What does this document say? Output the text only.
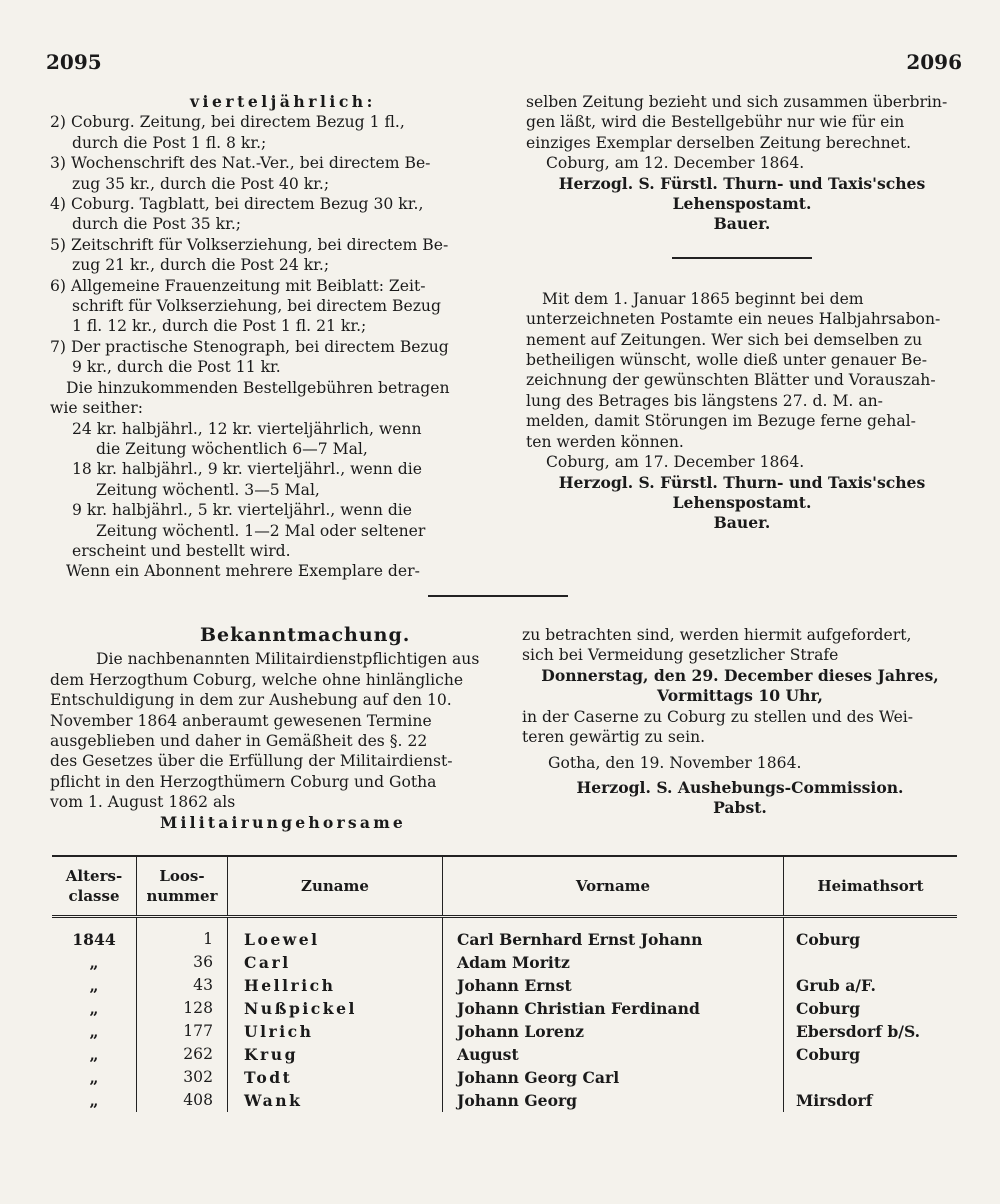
2095	2096
vierteljährlich:
2) Coburg. Zeitung, bei directem Bezug 1 fl.,
durch die Post 1 fl. 8 kr.;
3) Wochenschrift des Nat.-Ver., bei directem Be-
zug 35 kr., durch die Post 40 kr.;
4) Coburg. Tagblatt, bei directem Bezug 30 kr.,
durch die Post 35 kr.;
5) Zeitschrift für Volkserziehung, bei directem Be-
zug 21 kr., durch die Post 24 kr.;
6) Allgemeine Frauenzeitung mit Beiblatt: Zeit-
schrift für Volkserziehung, bei directem Bezug
1 fl. 12 kr., durch die Post 1 fl. 21 kr.;
7) Der practische Stenograph, bei directem Bezug
9 kr., durch die Post 11 kr.
Die hinzukommenden Bestellgebühren betragen
wie seither:
24 kr. halbjährl., 12 kr. vierteljährlich, wenn
die Zeitung wöchentlich 6—7 Mal,
18 kr. halbjährl., 9 kr. vierteljährl., wenn die
Zeitung wöchentl. 3—5 Mal,
9 kr. halbjährl., 5 kr. vierteljährl., wenn die
Zeitung wöchentl. 1—2 Mal oder seltener
erscheint und bestellt wird.
Wenn ein Abonnent mehrere Exemplare der-
selben Zeitung bezieht und sich zusammen überbrin-
gen läßt, wird die Bestellgebühr nur wie für ein
einziges Exemplar derselben Zeitung berechnet.
Coburg, am 12. December 1864.
Herzogl. S. Fürstl. Thurn- und Taxis'sches
Lehenspostamt.
Bauer.
Mit dem 1. Januar 1865 beginnt bei dem
unterzeichneten Postamte ein neues Halbjahrsabon-
nement auf Zeitungen. Wer sich bei demselben zu
betheiligen wünscht, wolle dieß unter genauer Be-
zeichnung der gewünschten Blätter und Vorauszah-
lung des Betrages bis längstens 27. d. M. an-
melden, damit Störungen im Bezuge ferne gehal-
ten werden können.
Coburg, am 17. December 1864.
Herzogl. S. Fürstl. Thurn- und Taxis'sches
Lehenspostamt.
Bauer.
Bekanntmachung.
Die nachbenannten Militairdienstpflichtigen aus
dem Herzogthum Coburg, welche ohne hinlängliche
Entschuldigung in dem zur Aushebung auf den 10.
November 1864 anberaumt gewesenen Termine
ausgeblieben und daher in Gemäßheit des §. 22
des Gesetzes über die Erfüllung der Militairdienst-
pflicht in den Herzogthümern Coburg und Gotha
vom 1. August 1862 als
Militairungehorsame
zu betrachten sind, werden hiermit aufgefordert,
sich bei Vermeidung gesetzlicher Strafe
Donnerstag, den 29. December dieses Jahres,
Vormittags 10 Uhr,
in der Caserne zu Coburg zu stellen und des Wei-
teren gewärtig zu sein.
Gotha, den 19. November 1864.
Herzogl. S. Aushebungs-Commission.
Pabst.
Alters-
classe	Loos-
nummer	Zuname	Vorname	Heimathsort
1844	1	Loewel	Carl Bernhard Ernst Johann	Coburg
„	36	Carl	Adam Moritz	
„	43	Hellrich	Johann Ernst	Grub a/F.
„	128	Nußpickel	Johann Christian Ferdinand	Coburg
„	177	Ulrich	Johann Lorenz	Ebersdorf b/S.
„	262	Krug	August	Coburg
„	302	Todt	Johann Georg Carl	
„	408	Wank	Johann Georg	Mirsdorf
